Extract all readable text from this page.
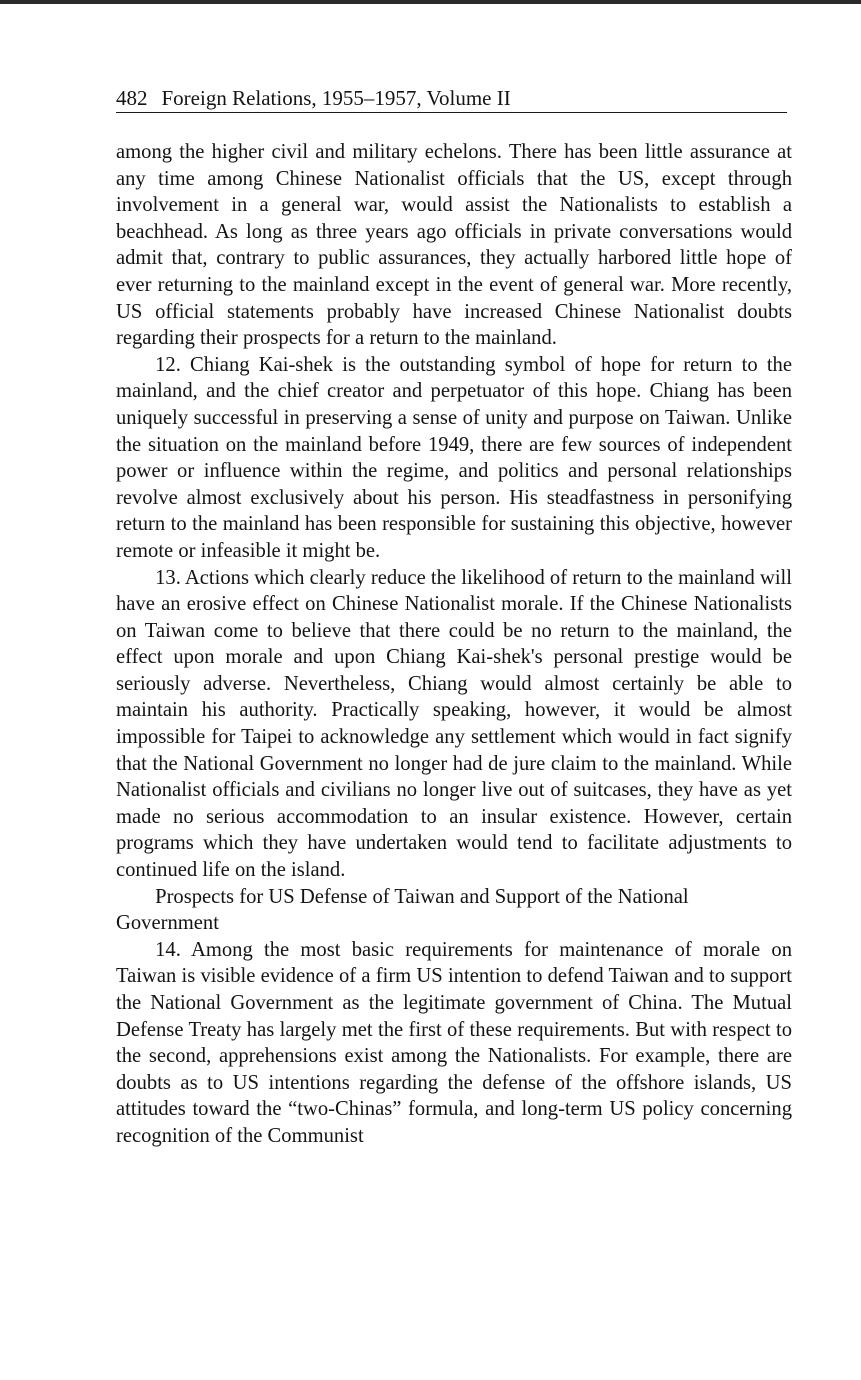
482 Foreign Relations, 1955–1957, Volume II

among the higher civil and military echelons. There has been little assurance at any time among Chinese Nationalist officials that the US, except through involvement in a general war, would assist the Nationalists to establish a beachhead. As long as three years ago officials in private conversations would admit that, contrary to public assurances, they actually harbored little hope of ever returning to the mainland except in the event of general war. More recently, US official statements probably have increased Chinese Nationalist doubts regarding their prospects for a return to the mainland.

12. Chiang Kai-shek is the outstanding symbol of hope for return to the mainland, and the chief creator and perpetuator of this hope. Chiang has been uniquely successful in preserving a sense of unity and purpose on Taiwan. Unlike the situation on the mainland before 1949, there are few sources of independent power or influence within the regime, and politics and personal relationships revolve almost exclusively about his person. His steadfastness in personifying return to the mainland has been responsible for sustaining this objective, however remote or infeasible it might be.

13. Actions which clearly reduce the likelihood of return to the mainland will have an erosive effect on Chinese Nationalist morale. If the Chinese Nationalists on Taiwan come to believe that there could be no return to the mainland, the effect upon morale and upon Chiang Kai-shek's personal prestige would be seriously adverse. Nevertheless, Chiang would almost certainly be able to maintain his authority. Practically speaking, however, it would be almost impossible for Taipei to acknowledge any settlement which would in fact signify that the National Government no longer had de jure claim to the mainland. While Nationalist officials and civilians no longer live out of suitcases, they have as yet made no serious accommodation to an insular existence. However, certain programs which they have undertaken would tend to facilitate adjustments to continued life on the island.

Prospects for US Defense of Taiwan and Support of the National Government

14. Among the most basic requirements for maintenance of morale on Taiwan is visible evidence of a firm US intention to defend Taiwan and to support the National Government as the legitimate government of China. The Mutual Defense Treaty has largely met the first of these requirements. But with respect to the second, apprehensions exist among the Nationalists. For example, there are doubts as to US intentions regarding the defense of the offshore islands, US attitudes toward the “two-Chinas” formula, and long-term US policy concerning recognition of the Communist
